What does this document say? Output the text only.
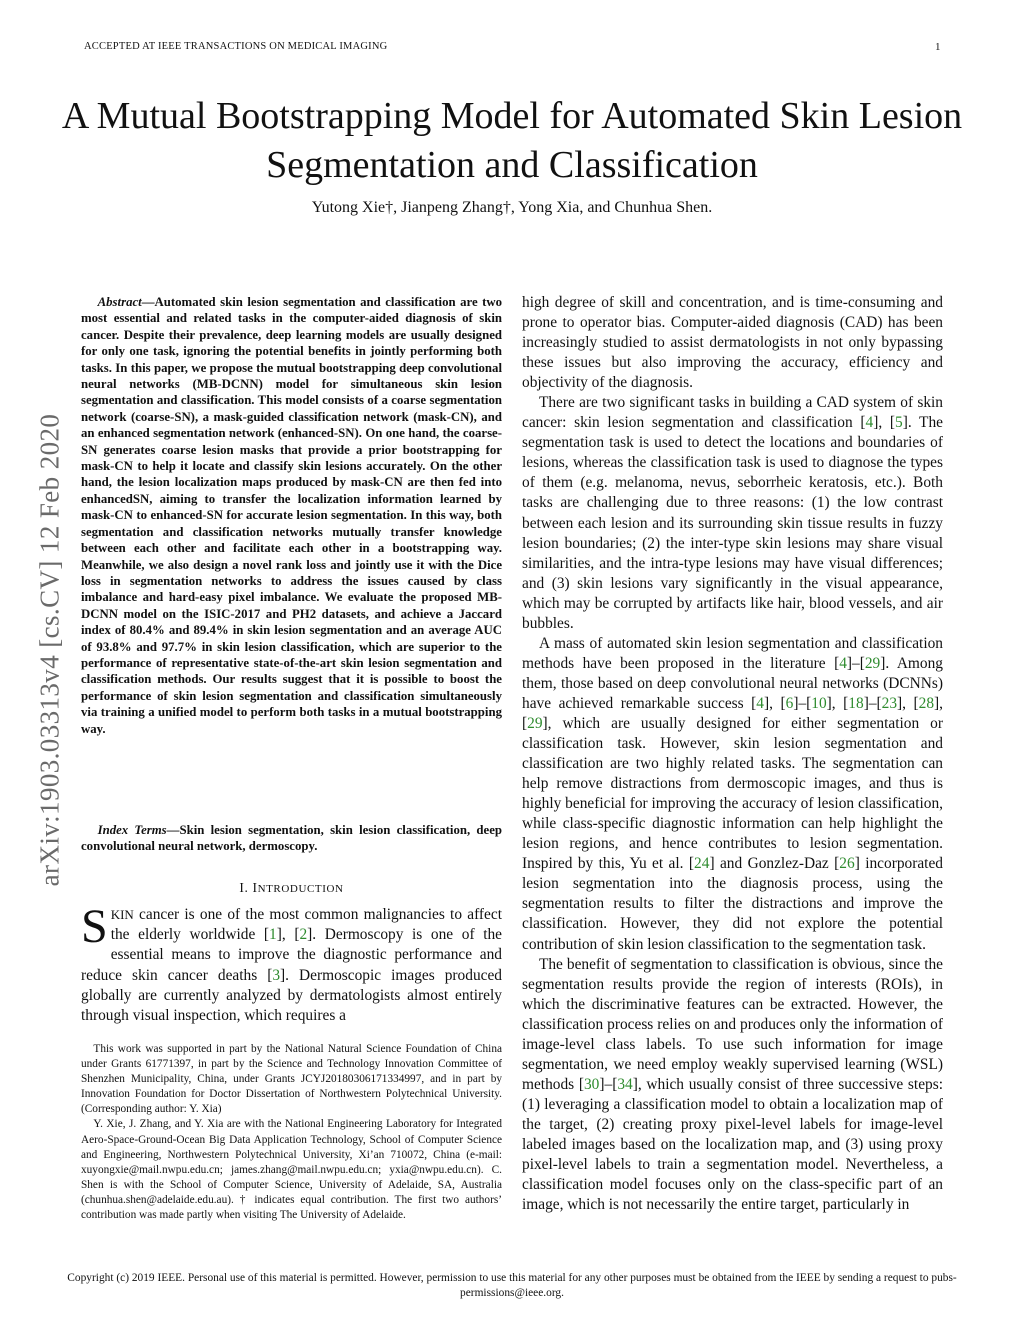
ACCEPTED AT IEEE TRANSACTIONS ON MEDICAL IMAGING	1
A Mutual Bootstrapping Model for Automated Skin Lesion Segmentation and Classification
Yutong Xie†, Jianpeng Zhang†, Yong Xia, and Chunhua Shen.
arXiv:1903.03313v4 [cs.CV] 12 Feb 2020

Abstract—Automated skin lesion segmentation and classification are two most essential and related tasks in the computer-aided diagnosis of skin cancer. Despite their prevalence, deep learning models are usually designed for only one task, ignoring the potential benefits in jointly performing both tasks. In this paper, we propose the mutual bootstrapping deep convolutional neural networks (MB-DCNN) model for simultaneous skin lesion segmentation and classification. This model consists of a coarse segmentation network (coarse-SN), a mask-guided classification network (mask-CN), and an enhanced segmentation network (enhanced-SN). On one hand, the coarse-SN generates coarse lesion masks that provide a prior bootstrapping for mask-CN to help it locate and classify skin lesions accurately. On the other hand, the lesion localization maps produced by mask-CN are then fed into enhancedSN, aiming to transfer the localization information learned by mask-CN to enhanced-SN for accurate lesion segmentation. In this way, both segmentation and classification networks mutually transfer knowledge between each other and facilitate each other in a bootstrapping way. Meanwhile, we also design a novel rank loss and jointly use it with the Dice loss in segmentation networks to address the issues caused by class imbalance and hard-easy pixel imbalance. We evaluate the proposed MB-DCNN model on the ISIC-2017 and PH2 datasets, and achieve a Jaccard index of 80.4% and 89.4% in skin lesion segmentation and an average AUC of 93.8% and 97.7% in skin lesion classification, which are superior to the performance of representative state-of-the-art skin lesion segmentation and classification methods. Our results suggest that it is possible to boost the performance of skin lesion segmentation and classification simultaneously via training a unified model to perform both tasks in a mutual bootstrapping way.

Index Terms—Skin lesion segmentation, skin lesion classification, deep convolutional neural network, dermoscopy.

I. INTRODUCTION

SKIN cancer is one of the most common malignancies to affect the elderly worldwide [1], [2]. Dermoscopy is one of the essential means to improve the diagnostic performance and reduce skin cancer deaths [3]. Dermoscopic images produced globally are currently analyzed by dermatologists almost entirely through visual inspection, which requires a

This work was supported in part by the National Natural Science Foundation of China under Grants 61771397, in part by the Science and Technology Innovation Committee of Shenzhen Municipality, China, under Grants JCYJ20180306171334997, and in part by Innovation Foundation for Doctor Dissertation of Northwestern Polytechnical University. (Corresponding author: Y. Xia)

Y. Xie, J. Zhang, and Y. Xia are with the National Engineering Laboratory for Integrated Aero-Space-Ground-Ocean Big Data Application Technology, School of Computer Science and Engineering, Northwestern Polytechnical University, Xi’an 710072, China (e-mail: xuyongxie@mail.nwpu.edu.cn; james.zhang@mail.nwpu.edu.cn; yxia@nwpu.edu.cn). C. Shen is with the School of Computer Science, University of Adelaide, SA, Australia (chunhua.shen@adelaide.edu.au). † indicates equal contribution. The first two authors’ contribution was made partly when visiting The University of Adelaide.

high degree of skill and concentration, and is time-consuming and prone to operator bias. Computer-aided diagnosis (CAD) has been increasingly studied to assist dermatologists in not only bypassing these issues but also improving the accuracy, efficiency and objectivity of the diagnosis.

There are two significant tasks in building a CAD system of skin cancer: skin lesion segmentation and classification [4], [5]. The segmentation task is used to detect the locations and boundaries of lesions, whereas the classification task is used to diagnose the types of them (e.g. melanoma, nevus, seborrheic keratosis, etc.). Both tasks are challenging due to three reasons: (1) the low contrast between each lesion and its surrounding skin tissue results in fuzzy lesion boundaries; (2) the inter-type skin lesions may share visual similarities, and the intra-type lesions may have visual differences; and (3) skin lesions vary significantly in the visual appearance, which may be corrupted by artifacts like hair, blood vessels, and air bubbles.

A mass of automated skin lesion segmentation and classification methods have been proposed in the literature [4]–[29]. Among them, those based on deep convolutional neural networks (DCNNs) have achieved remarkable success [4], [6]–[10], [18]–[23], [28], [29], which are usually designed for either segmentation or classification task. However, skin lesion segmentation and classification are two highly related tasks. The segmentation can help remove distractions from dermoscopic images, and thus is highly beneficial for improving the accuracy of lesion classification, while class-specific diagnostic information can help highlight the lesion regions, and hence contributes to lesion segmentation. Inspired by this, Yu et al. [24] and Gonzlez-Daz [26] incorporated lesion segmentation into the diagnosis process, using the segmentation results to filter the distractions and improve the classification. However, they did not explore the potential contribution of skin lesion classification to the segmentation task.

The benefit of segmentation to classification is obvious, since the segmentation results provide the region of interests (ROIs), in which the discriminative features can be extracted. However, the classification process relies on and produces only the information of image-level class labels. To use such information for image segmentation, we need employ weakly supervised learning (WSL) methods [30]–[34], which usually consist of three successive steps: (1) leveraging a classification model to obtain a localization map of the target, (2) creating proxy pixel-level labels for image-level labeled images based on the localization map, and (3) using proxy pixel-level labels to train a segmentation model. Nevertheless, a classification model focuses only on the class-specific part of an image, which is not necessarily the entire target, particularly in

Copyright (c) 2019 IEEE. Personal use of this material is permitted. However, permission to use this material for any other purposes must be obtained from the IEEE by sending a request to pubs-permissions@ieee.org.
